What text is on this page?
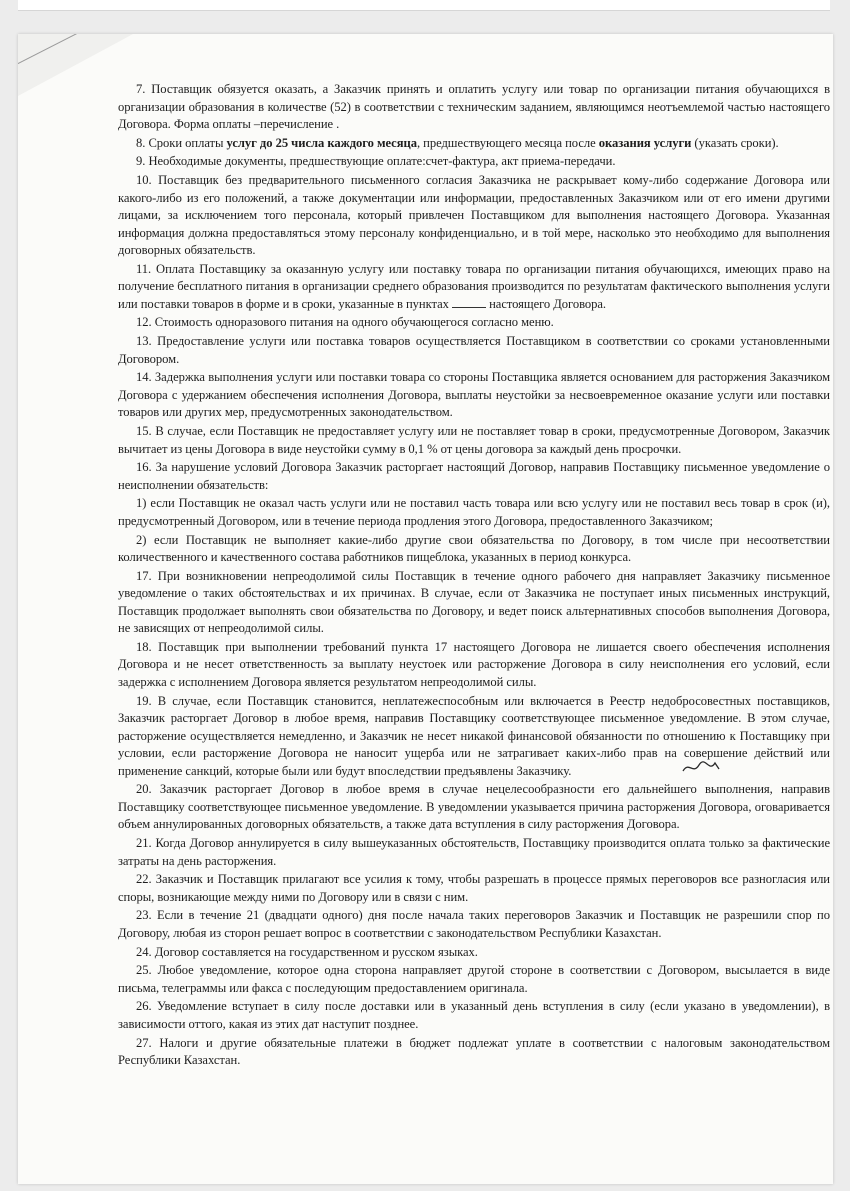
7. Поставщик обязуется оказать, а Заказчик принять и оплатить услугу или товар по организации питания обучающихся в организации образования в количестве (52) в соответствии с техническим заданием, являющимся неотъемлемой частью настоящего Договора. Форма оплаты –перечисление .

8. Сроки оплаты услуг до 25 числа каждого месяца, предшествующего месяца после оказания услуги (указать сроки).

9. Необходимые документы, предшествующие оплате:счет-фактура, акт приема-передачи.

10. Поставщик без предварительного письменного согласия Заказчика не раскрывает кому-либо содержание Договора или какого-либо из его положений, а также документации или информации, предоставленных Заказчиком или от его имени другими лицами, за исключением того персонала, который привлечен Поставщиком для выполнения настоящего Договора. Указанная информация должна предоставляться этому персоналу конфиденциально, и в той мере, насколько это необходимо для выполнения договорных обязательств.

11. Оплата Поставщику за оказанную услугу или поставку товара по организации питания обучающихся, имеющих право на получение бесплатного питания в организации среднего образования производится по результатам фактического выполнения услуги или поставки товаров в форме и в сроки, указанные в пунктах	настоящего Договора.

12. Стоимость одноразового питания на одного обучающегося согласно меню.

13. Предоставление услуги или поставка товаров осуществляется Поставщиком в соответствии со сроками установленными Договором.

14. Задержка выполнения услуги или поставки товара со стороны Поставщика является основанием для расторжения Заказчиком Договора с удержанием обеспечения исполнения Договора, выплаты неустойки за несвоевременное оказание услуги или поставки товаров или других мер, предусмотренных законодательством.

15. В случае, если Поставщик не предоставляет услугу или не поставляет товар в сроки, предусмотренные Договором, Заказчик вычитает из цены Договора в виде неустойки сумму в 0,1 % от цены договора за каждый день просрочки.

16. За нарушение условий Договора Заказчик расторгает настоящий Договор, направив Поставщику письменное уведомление о неисполнении обязательств:

1) если Поставщик не оказал часть услуги или не поставил часть товара или всю услугу или не поставил весь товар в срок (и), предусмотренный Договором, или в течение периода продления этого Договора, предоставленного Заказчиком;

2) если Поставщик не выполняет какие-либо другие свои обязательства по Договору, в том числе при несоответствии количественного и качественного состава работников пищеблока, указанных в период конкурса.

17. При возникновении непреодолимой силы Поставщик в течение одного рабочего дня направляет Заказчику письменное уведомление о таких обстоятельствах и их причинах. В случае, если от Заказчика не поступает иных письменных инструкций, Поставщик продолжает выполнять свои обязательства по Договору, и ведет поиск альтернативных способов выполнения Договора, не зависящих от непреодолимой силы.

18. Поставщик при выполнении требований пункта 17 настоящего Договора не лишается своего обеспечения исполнения Договора и не несет ответственность за выплату неустоек или расторжение Договора в силу неисполнения его условий, если задержка с исполнением Договора является результатом непреодолимой силы.

19. В случае, если Поставщик становится, неплатежеспособным или включается в Реестр недобросовестных поставщиков, Заказчик расторгает Договор в любое время, направив Поставщику соответствующее письменное уведомление. В этом случае, расторжение осуществляется немедленно, и Заказчик не несет никакой финансовой обязанности по отношению к Поставщику при условии, если расторжение Договора не наносит ущерба или не затрагивает каких-либо прав на совершение действий или применение санкций, которые были или будут впоследствии предъявлены Заказчику.

20. Заказчик расторгает Договор в любое время в случае нецелесообразности его дальнейшего выполнения, направив Поставщику соответствующее письменное уведомление. В уведомлении указывается причина расторжения Договора, оговаривается объем аннулированных договорных обязательств, а также дата вступления в силу расторжения Договора.

21. Когда Договор аннулируется в силу вышеуказанных обстоятельств, Поставщику производится оплата только за фактические затраты на день расторжения.

22. Заказчик и Поставщик прилагают все усилия к тому, чтобы разрешать в процессе прямых переговоров все разногласия или споры, возникающие между ними по Договору или в связи с ним.

23. Если в течение 21 (двадцати одного) дня после начала таких переговоров Заказчик и Поставщик не разрешили спор по Договору, любая из сторон решает вопрос в соответствии с законодательством Республики Казахстан.

24. Договор составляется на государственном и русском языках.

25. Любое уведомление, которое одна сторона направляет другой стороне в соответствии с Договором, высылается в виде письма, телеграммы или факса с последующим предоставлением оригинала.

26. Уведомление вступает в силу после доставки или в указанный день вступления в силу (если указано в уведомлении), в зависимости оттого, какая из этих дат наступит позднее.

27. Налоги и другие обязательные платежи в бюджет подлежат уплате в соответствии с налоговым законодательством Республики Казахстан.
